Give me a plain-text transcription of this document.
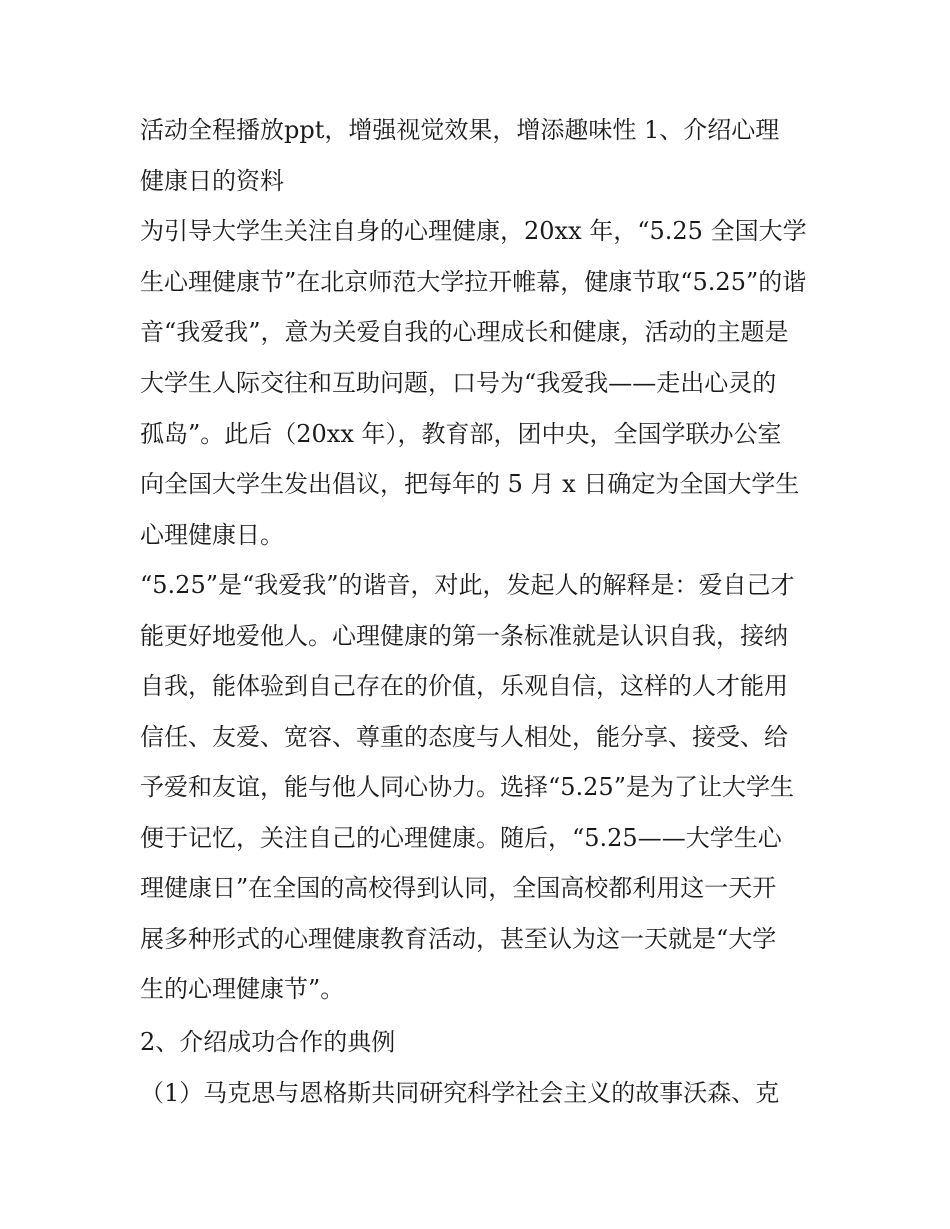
活动全程播放ppt，增强视觉效果，增添趣味性 1、介绍心理

健康日的资料

为引导大学生关注自身的心理健康，20xx 年，“5.25 全国大学

生心理健康节”在北京师范大学拉开帷幕，健康节取“5.25”的谐

音“我爱我”，意为关爱自我的心理成长和健康，活动的主题是

大学生人际交往和互助问题，口号为“我爱我——走出心灵的

孤岛”。此后（20xx 年），教育部，团中央，全国学联办公室

向全国大学生发出倡议，把每年的 5 月 x 日确定为全国大学生

心理健康日。

“5.25”是“我爱我”的谐音，对此，发起人的解释是：爱自己才

能更好地爱他人。心理健康的第一条标准就是认识自我，接纳

自我，能体验到自己存在的价值，乐观自信，这样的人才能用

信任、友爱、宽容、尊重的态度与人相处，能分享、接受、给

予爱和友谊，能与他人同心协力。选择“5.25”是为了让大学生

便于记忆，关注自己的心理健康。随后，“5.25——大学生心

理健康日”在全国的高校得到认同，全国高校都利用这一天开

展多种形式的心理健康教育活动，甚至认为这一天就是“大学

生的心理健康节”。

2、介绍成功合作的典例

（1）马克思与恩格斯共同研究科学社会主义的故事沃森、克
